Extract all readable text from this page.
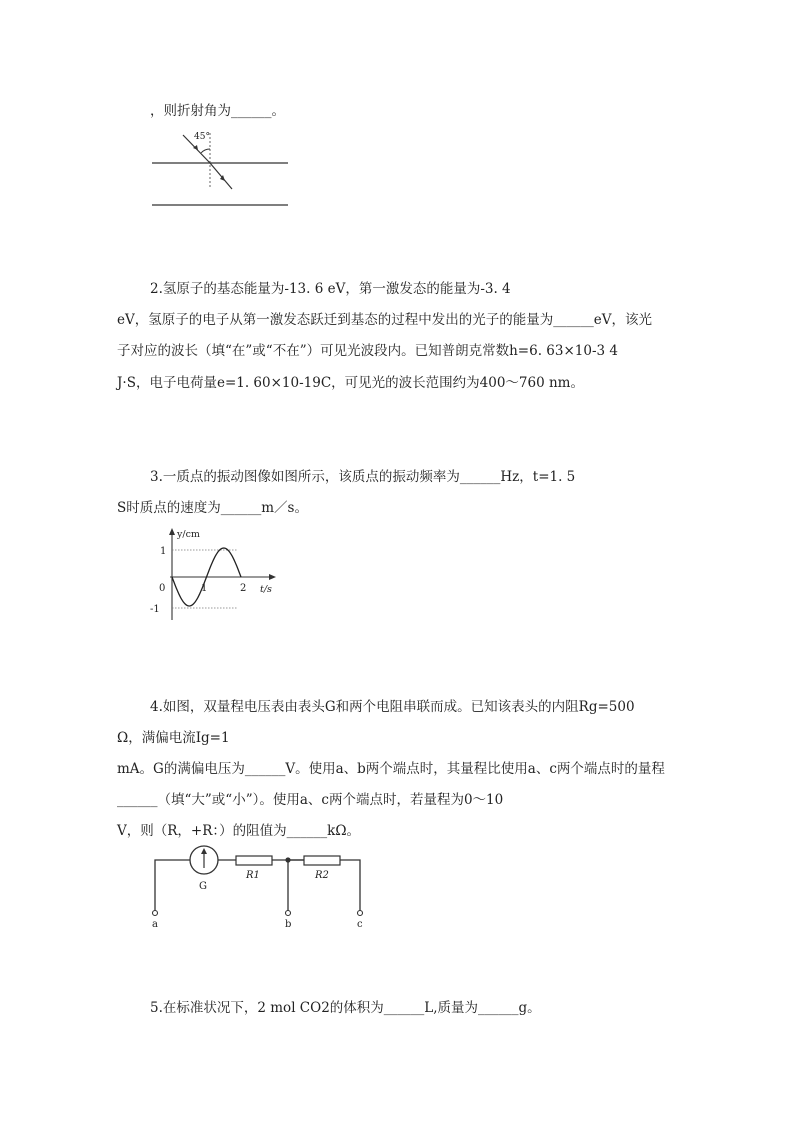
，则折射角为______。
45°
2.氢原子的基态能量为-13. 6 eV，第一激发态的能量为-3. 4
eV，氢原子的电子从第一激发态跃迁到基态的过程中发出的光子的能量为______eV，该光
子对应的波长（填“在”或“不在”）可见光波段内。已知普朗克常数h=6. 63×10-3 4
J·S，电子电荷量e=1. 60×10-19C，可见光的波长范围约为400～760 nm。
3.一质点的振动图像如图所示，该质点的振动频率为______Hz，t=1. 5
S时质点的速度为______m／s。
y/cm
t/s
0	1	2
1
-1
4.如图，双量程电压表由表头G和两个电阻串联而成。已知该表头的内阻Rg=500
Ω，满偏电流Ig=1
mA。G的满偏电压为______V。使用a、b两个端点时，其量程比使用a、c两个端点时的量程
______（填“大”或“小”）。使用a、c两个端点时，若量程为0～10
V，则（R，+R：）的阻值为______kΩ。
G
R1	R2
a	b	c
5.在标准状况下，2 mol CO2的体积为______L,质量为______g。
